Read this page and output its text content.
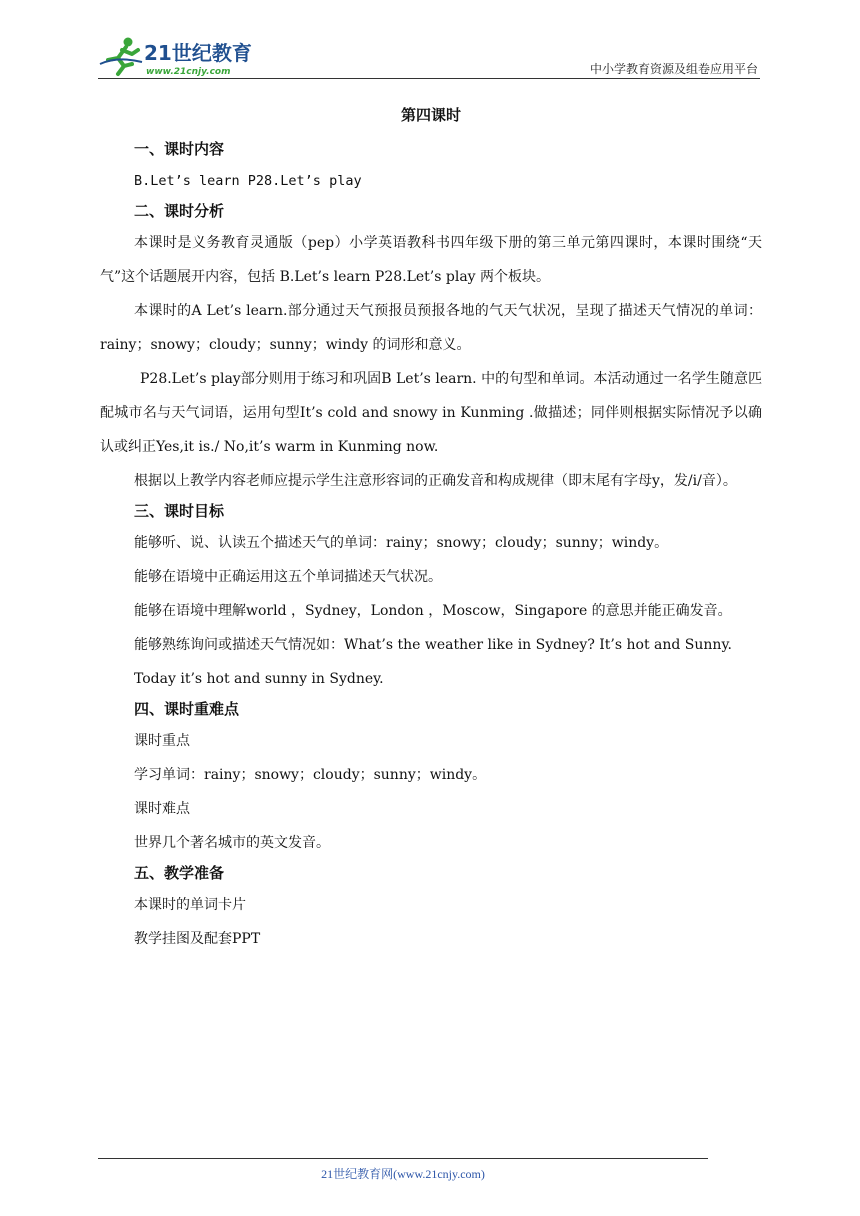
21世纪教育
www.21cnjy.com	中小学教育资源及组卷应用平台
第四课时
一、课时内容

B.Let’s learn P28.Let’s play

二、课时分析

本课时是义务教育灵通版（pep）小学英语教科书四年级下册的第三单元第四课时，本课时围绕“天气”这个话题展开内容，包括 B.Let’s learn P28.Let’s play 两个板块。

本课时的A Let’s learn.部分通过天气预报员预报各地的气天气状况，呈现了描述天气情况的单词：rainy；snowy；cloudy；sunny；windy 的词形和意义。

P28.Let’s play部分则用于练习和巩固B Let’s learn. 中的句型和单词。本活动通过一名学生随意匹配城市名与天气词语，运用句型It’s cold and snowy in Kunming .做描述；同伴则根据实际情况予以确认或纠正Yes,it is./ No,it’s warm in Kunming now.

根据以上教学内容老师应提示学生注意形容词的正确发音和构成规律（即末尾有字母y，发/i/音）。

三、课时目标

能够听、说、认读五个描述天气的单词：rainy；snowy；cloudy；sunny；windy。

能够在语境中正确运用这五个单词描述天气状况。

能够在语境中理解world ，Sydney，London ，Moscow，Singapore 的意思并能正确发音。

能够熟练询问或描述天气情况如：What’s the weather like in Sydney? It’s hot and Sunny.

Today it’s hot and sunny in Sydney.

四、课时重难点

课时重点

学习单词：rainy；snowy；cloudy；sunny；windy。

课时难点

世界几个著名城市的英文发音。

五、教学准备

本课时的单词卡片

教学挂图及配套PPT

21世纪教育网(www.21cnjy.com)
